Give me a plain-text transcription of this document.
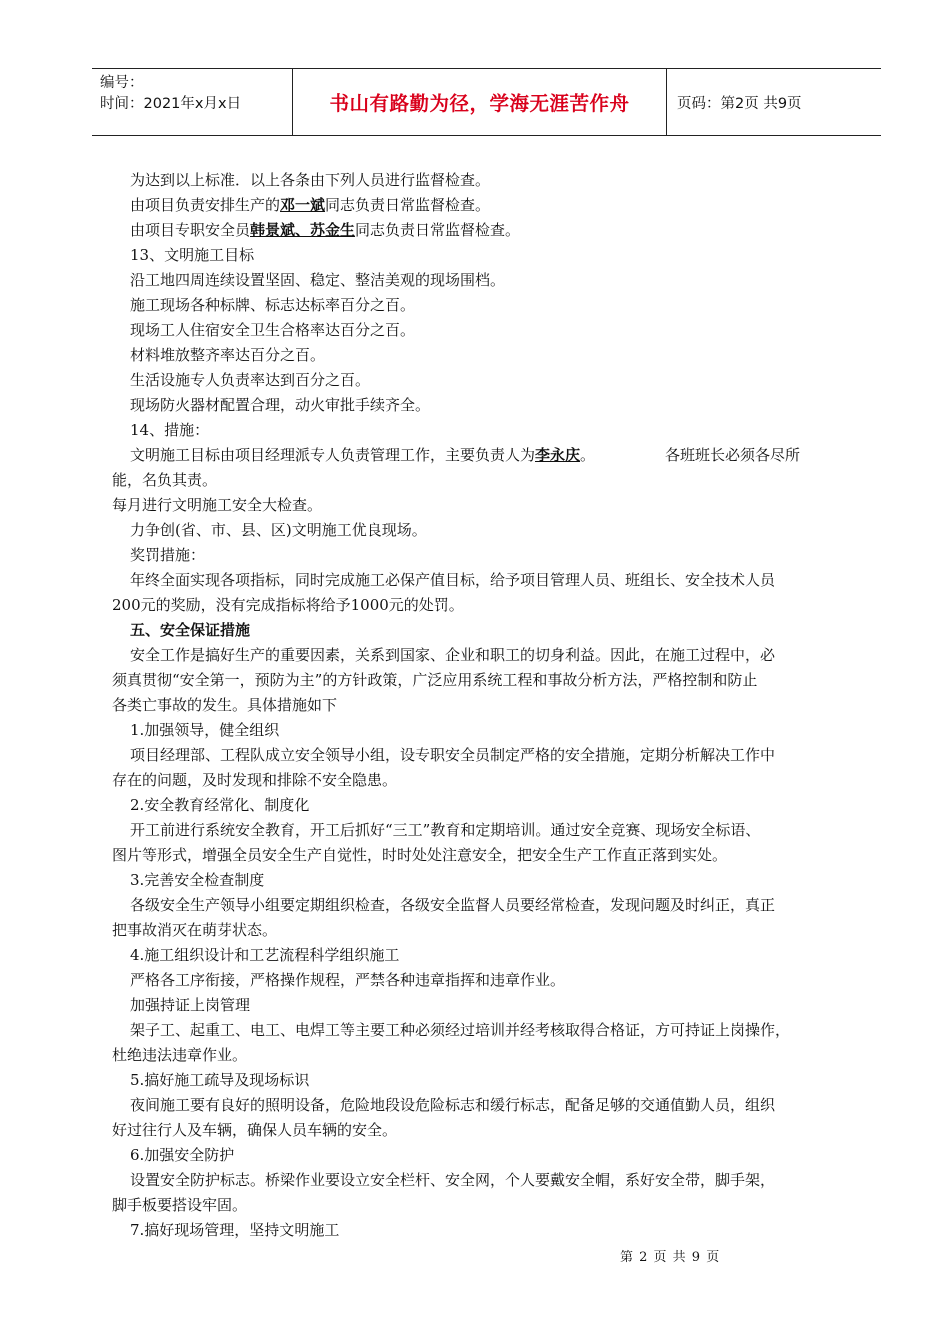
编号：
时间：2021年x月x日	书山有路勤为径，学海无涯苦作舟	页码：第2页 共9页

为达到以上标准．以上各条由下列人员进行监督检查。

由项目负责安排生产的邓一斌同志负责日常监督检查。

由项目专职安全员韩景斌、苏金生同志负责日常监督检查。

13、文明施工目标

沿工地四周连续设置坚固、稳定、整洁美观的现场围档。

施工现场各种标牌、标志达标率百分之百。

现场工人住宿安全卫生合格率达百分之百。

材料堆放整齐率达百分之百。

生活设施专人负责率达到百分之百。

现场防火器材配置合理，动火审批手续齐全。

14、措施：

文明施工目标由项目经理派专人负责管理工作，主要负责人为李永庆。	各班班长必须各尽所

能，名负其责。

每月进行文明施工安全大检查。

力争创(省、市、县、区)文明施工优良现场。

奖罚措施：

年终全面实现各项指标，同时完成施工必保产值目标，给予项目管理人员、班组长、安全技术人员

200元的奖励，没有完成指标将给予1000元的处罚。

五、安全保证措施

安全工作是搞好生产的重要因素，关系到国家、企业和职工的切身利益。因此，在施工过程中，必

须真贯彻“安全第一，预防为主”的方针政策，广泛应用系统工程和事故分析方法，严格控制和防止

各类亡事故的发生。具体措施如下

1.加强领导，健全组织

项目经理部、工程队成立安全领导小组，设专职安全员制定严格的安全措施，定期分析解决工作中

存在的问题，及时发现和排除不安全隐患。

2.安全教育经常化、制度化

开工前进行系统安全教育，开工后抓好“三工”教育和定期培训。通过安全竞赛、现场安全标语、

图片等形式，增强全员安全生产自觉性，时时处处注意安全，把安全生产工作直正落到实处。

3.完善安全检查制度

各级安全生产领导小组要定期组织检查，各级安全监督人员要经常检查，发现问题及时纠正，真正

把事故消灭在萌芽状态。

4.施工组织设计和工艺流程科学组织施工

严格各工序衔接，严格操作规程，严禁各种违章指挥和违章作业。

加强持证上岗管理

架子工、起重工、电工、电焊工等主要工种必须经过培训并经考核取得合格证，方可持证上岗操作，

杜绝违法违章作业。

5.搞好施工疏导及现场标识

夜间施工要有良好的照明设备，危险地段设危险标志和缓行标志，配备足够的交通值勤人员，组织

好过往行人及车辆，确保人员车辆的安全。

6.加强安全防护

设置安全防护标志。桥梁作业要设立安全栏杆、安全网，个人要戴安全帽，系好安全带，脚手架，

脚手板要搭设牢固。

7.搞好现场管理，坚持文明施工

第 2 页 共 9 页
